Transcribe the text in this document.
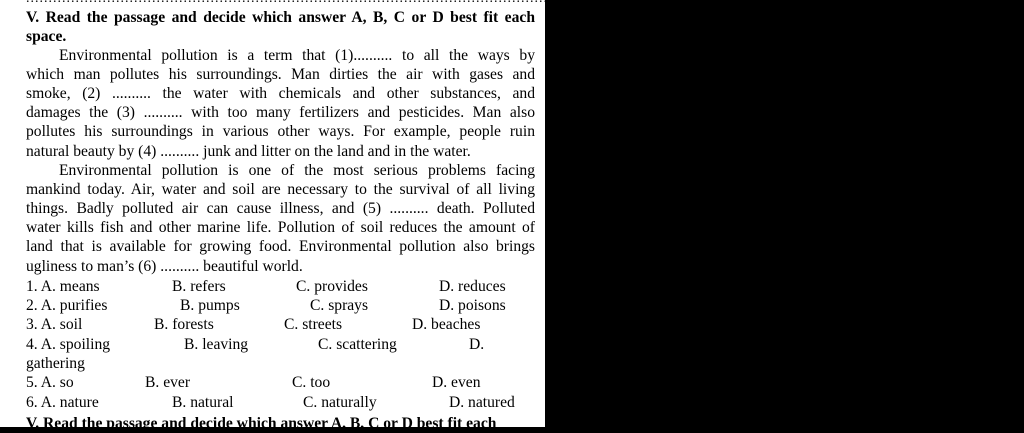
V. Read the passage and decide which answer A, B, C or D best fit each
space.
Environmental pollution is a term that (1).......... to all the ways by
which man pollutes his surroundings. Man dirties the air with gases and
smoke, (2) .......... the water with chemicals and other substances, and
damages the (3) .......... with too many fertilizers and pesticides. Man also
pollutes his surroundings in various other ways. For example, people ruin
natural beauty by (4) .......... junk and litter on the land and in the water.
Environmental pollution is one of the most serious problems facing
mankind today. Air, water and soil are necessary to the survival of all living
things. Badly polluted air can cause illness, and (5) .......... death. Polluted
water kills fish and other marine life. Pollution of soil reduces the amount of
land that is available for growing food. Environmental pollution also brings
ugliness to man’s (6) .......... beautiful world.
1. A. means	B. refers	C. provides	D. reduces
2. A. purifies	B. pumps	C. sprays	D. poisons
3. A. soil	B. forests	C. streets	D. beaches
4. A. spoiling	B. leaving	C. scattering	D.
gathering
5. A. so	B. ever	C. too	D. even
6. A. nature	B. natural	C. naturally	D. natured
V. Read the passage and decide which answer A, B, C or D best fit each
